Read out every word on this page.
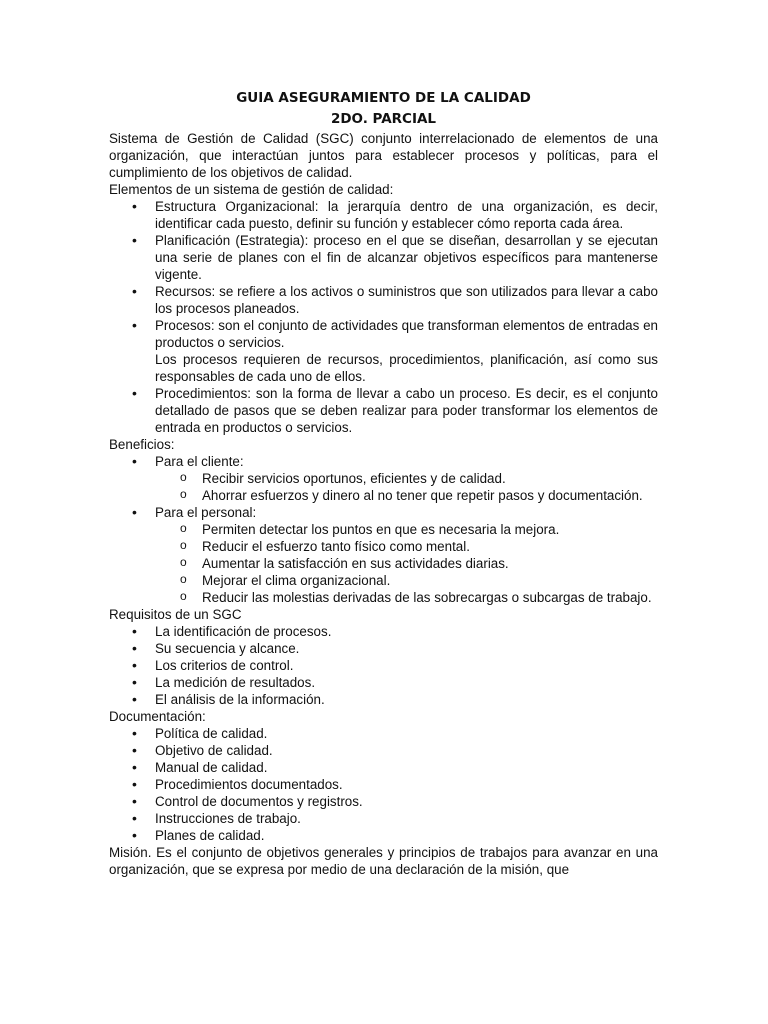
GUIA ASEGURAMIENTO DE LA CALIDAD
2DO. PARCIAL

Sistema de Gestión de Calidad (SGC) conjunto interrelacionado de elementos de una organización, que interactúan juntos para establecer procesos y políticas, para el cumplimiento de los objetivos de calidad.

Elementos de un sistema de gestión de calidad:

• Estructura Organizacional: la jerarquía dentro de una organización, es decir, identificar cada puesto, definir su función y establecer cómo reporta cada área.
• Planificación (Estrategia): proceso en el que se diseñan, desarrollan y se ejecutan una serie de planes con el fin de alcanzar objetivos específicos para mantenerse vigente.
• Recursos: se refiere a los activos o suministros que son utilizados para llevar a cabo los procesos planeados.
• Procesos: son el conjunto de actividades que transforman elementos de entradas en productos o servicios.
Los procesos requieren de recursos, procedimientos, planificación, así como sus responsables de cada uno de ellos.
• Procedimientos: son la forma de llevar a cabo un proceso. Es decir, es el conjunto detallado de pasos que se deben realizar para poder transformar los elementos de entrada en productos o servicios.

Beneficios:

• Para el cliente:
o Recibir servicios oportunos, eficientes y de calidad.
o Ahorrar esfuerzos y dinero al no tener que repetir pasos y documentación.
• Para el personal:
o Permiten detectar los puntos en que es necesaria la mejora.
o Reducir el esfuerzo tanto físico como mental.
o Aumentar la satisfacción en sus actividades diarias.
o Mejorar el clima organizacional.
o Reducir las molestias derivadas de las sobrecargas o subcargas de trabajo.

Requisitos de un SGC

• La identificación de procesos.
• Su secuencia y alcance.
• Los criterios de control.
• La medición de resultados.
• El análisis de la información.

Documentación:

• Política de calidad.
• Objetivo de calidad.
• Manual de calidad.
• Procedimientos documentados.
• Control de documentos y registros.
• Instrucciones de trabajo.
• Planes de calidad.

Misión. Es el conjunto de objetivos generales y principios de trabajos para avanzar en una organización, que se expresa por medio de una declaración de la misión, que
